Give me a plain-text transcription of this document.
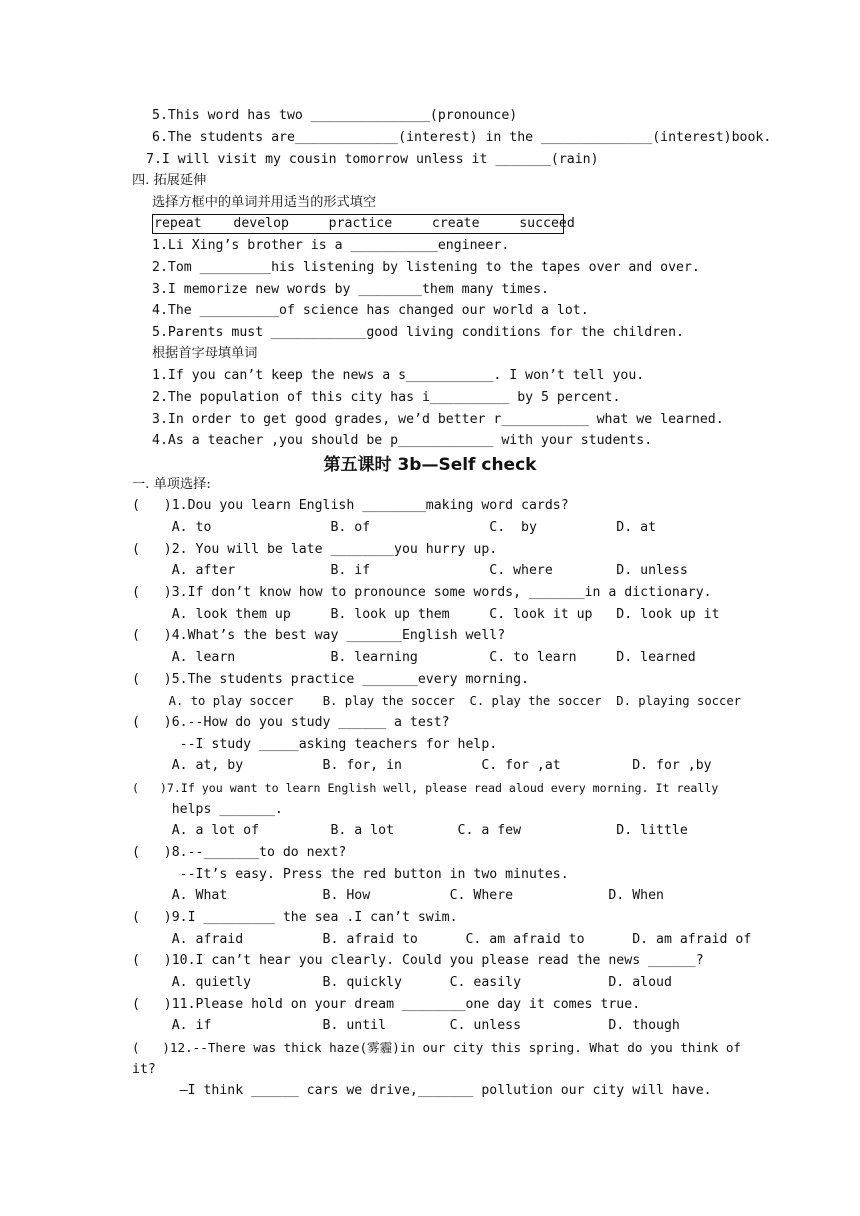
5.This word has two _______________(pronounce)
6.The students are_____________(interest) in the ______________(interest)book.
7.I will visit my cousin tomorrow unless it _______(rain)
四. 拓展延伸
选择方框中的单词并用适当的形式填空
repeat    develop     practice     create     succeed
1.Li Xing’s brother is a ___________engineer.
2.Tom _________his listening by listening to the tapes over and over.
3.I memorize new words by ________them many times.
4.The __________of science has changed our world a lot.
5.Parents must ____________good living conditions for the children.
根据首字母填单词
1.If you can’t keep the news a s___________. I won’t tell you.
2.The population of this city has i__________ by 5 percent.
3.In order to get good grades, we’d better r___________ what we learned.
4.As a teacher ,you should be p____________ with your students.
第五课时 3b—Self check
一. 单项选择:
(   )1.Dou you learn English ________making word cards?
A. to               B. of               C.  by          D. at
(   )2. You will be late ________you hurry up.
A. after            B. if               C. where        D. unless
(   )3.If don’t know how to pronounce some words, _______in a dictionary.
A. look them up     B. look up them     C. look it up   D. look up it
(   )4.What’s the best way _______English well?
A. learn            B. learning         C. to learn     D. learned
(   )5.The students practice _______every morning.
A. to play soccer    B. play the soccer  C. play the soccer  D. playing soccer
(   )6.--How do you study ______ a test?
--I study _____asking teachers for help.
A. at, by          B. for, in          C. for ,at         D. for ,by
(   )7.If you want to learn English well, please read aloud every morning. It really
helps _______.
A. a lot of         B. a lot        C. a few            D. little
(   )8.--_______to do next?
--It’s easy. Press the red button in two minutes.
A. What            B. How          C. Where            D. When
(   )9.I _________ the sea .I can’t swim.
A. afraid          B. afraid to      C. am afraid to      D. am afraid of
(   )10.I can’t hear you clearly. Could you please read the news ______?
A. quietly         B. quickly      C. easily           D. aloud
(   )11.Please hold on your dream ________one day it comes true.
A. if              B. until        C. unless           D. though
(   )12.--There was thick haze(雾霾)in our city this spring. What do you think of
it?
—I think ______ cars we drive,_______ pollution our city will have.
